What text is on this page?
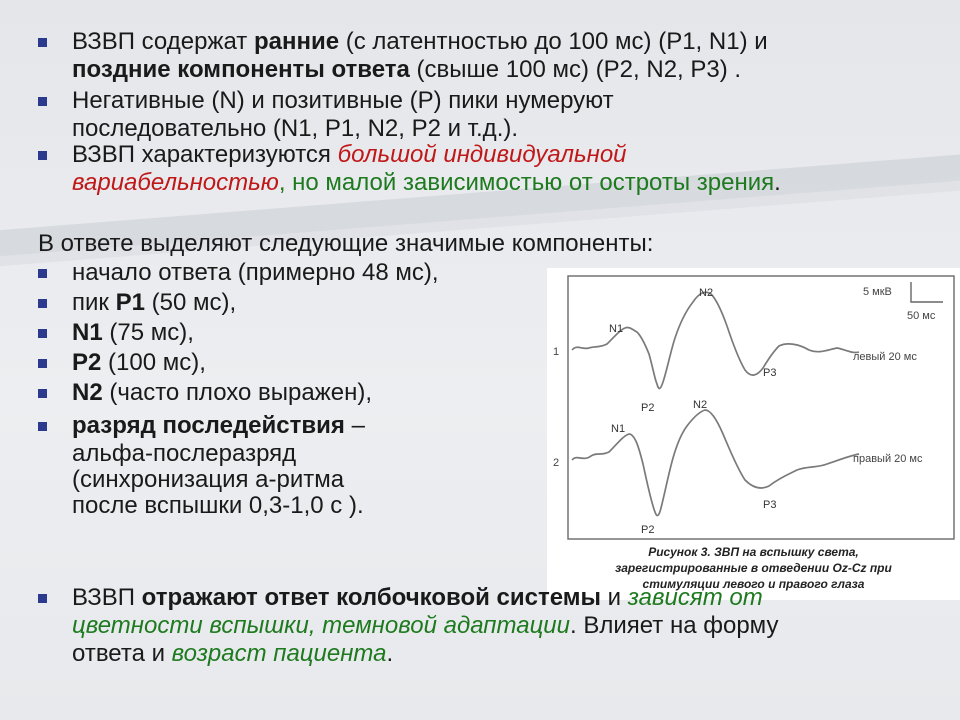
ВЗВП содержат ранние (с латентностью до 100 мс) (Р1, N1) и
поздние компоненты ответа (свыше 100 мс) (Р2, N2, Р3) .
Негативные (N) и позитивные (Р) пики нумеруют
последовательно (N1, Р1, N2, Р2 и т.д.).
ВЗВП характеризуются большой индивидуальной
вариабельностью, но малой зависимостью от остроты зрения.
В ответе выделяют следующие значимые компоненты:
начало ответа (примерно 48 мс),
пик P1 (50 мс),
N1 (75 мс),
P2 (100 мс),
N2 (часто плохо выражен),
разряд последействия –
альфа-послеразряд
(синхронизация а-ритма
после вспышки 0,3-1,0 с ).
5 мкВ
50 мс
1
N1
P2
N2
P3
левый 20 мс
2
N1
P2
N2
P3
правый 20 мс
Рисунок 3. ЗВП на вспышку света,
зарегистрированные в отведении Oz-Cz при
стимуляции левого и правого глаза
ВЗВП отражают ответ колбочковой системы и зависят от
цветности вспышки, темновой адаптации. Влияет на форму
ответа и возраст пациента.
